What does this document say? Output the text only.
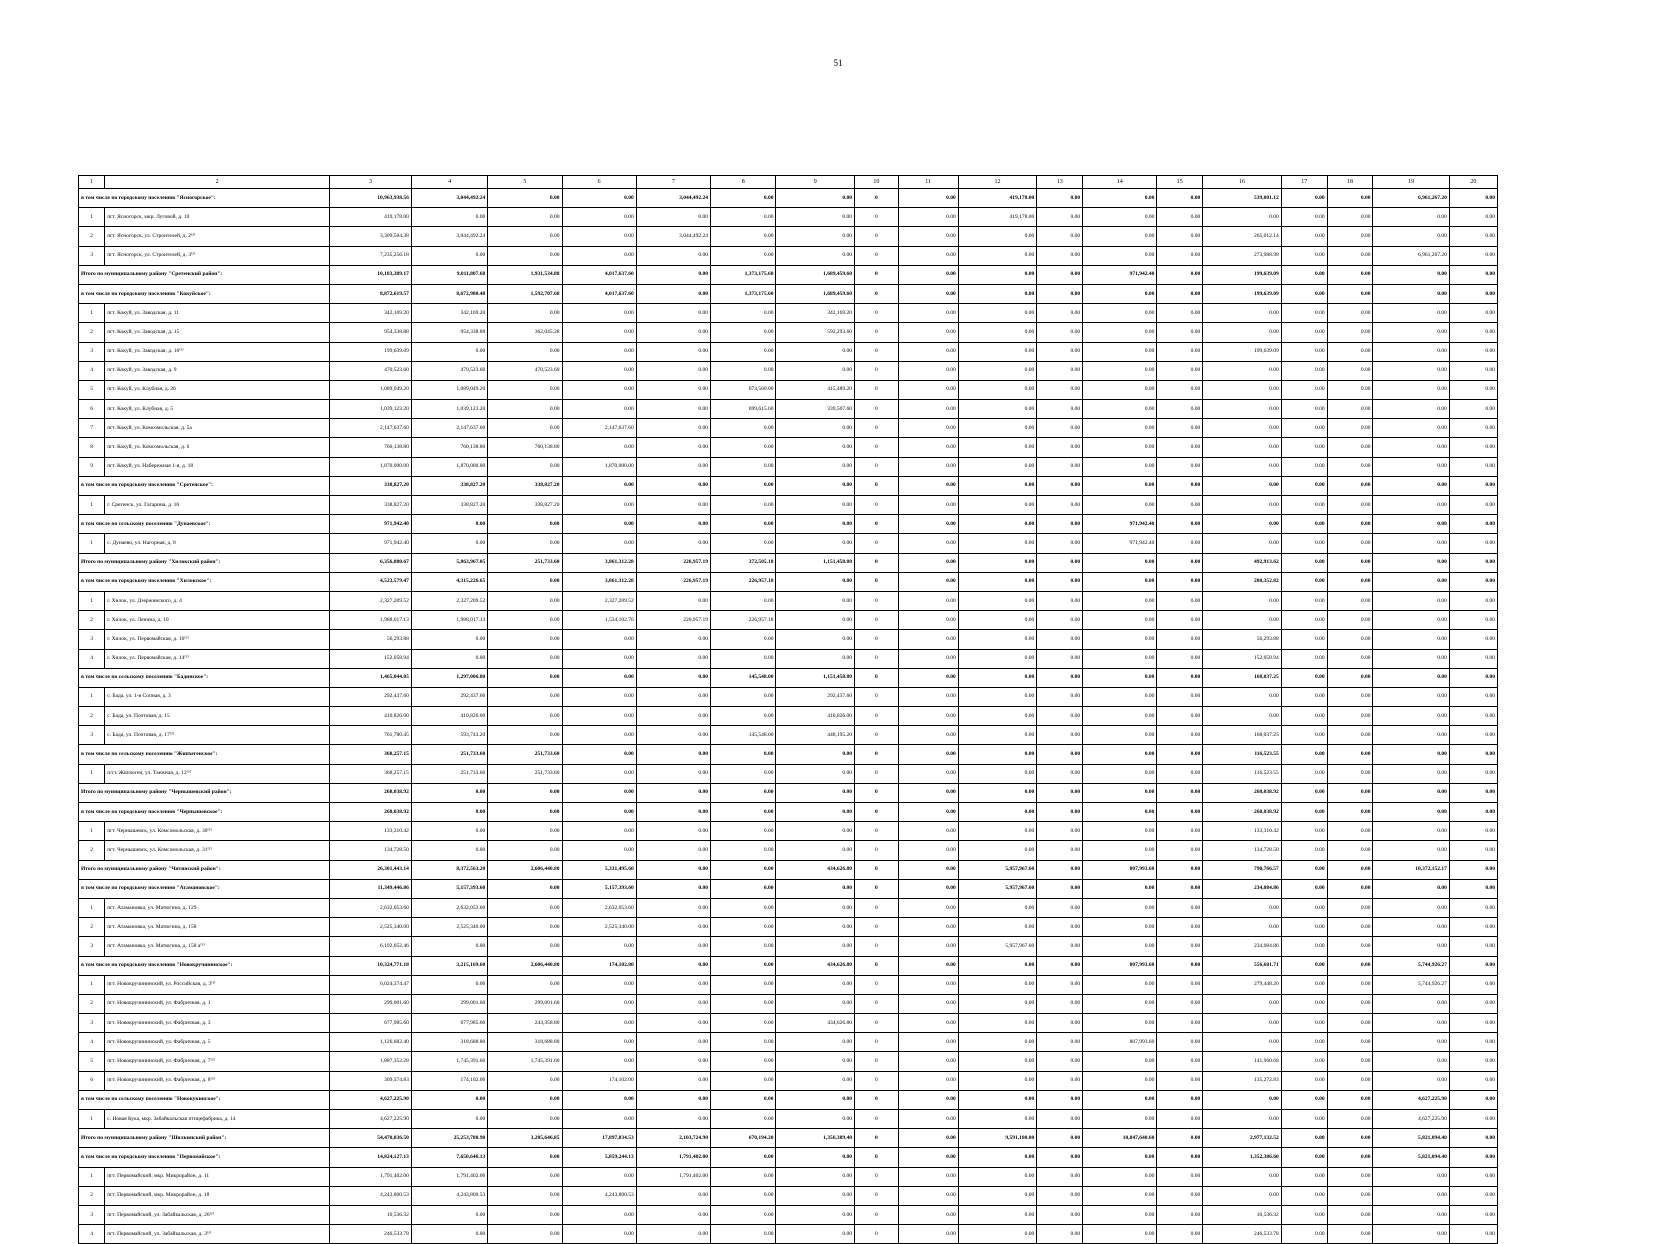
51
1	2	3	4	5	6	7	8	9	10	11	12	13	14	15	16	17	18	19	20
в том числе по городскому поселению "Ясногорское":		10,963,938.56	3,044,492.24	0.00	0.00	3,044,492.24	0.00	0.00	0	0.00	419,178.00	0.00	0.00	0.00	539,001.12	0.00	0.00	6,961,267.20	0.00
1	пгт. Ясногорск, мкр. Луговой, д. 10	419,178.00	0.00	0.00	0.00	0.00	0.00	0.00	0	0.00	419,178.00	0.00	0.00	0.00	0.00	0.00	0.00	0.00	0.00
2	пгт. Ясногорск, ул. Строителей, д. 2⁽²⁾	3,309,504.38	3,044,492.24	0.00	0.00	3,044,492.24	0.00	0.00	0	0.00	0.00	0.00	0.00	0.00	265,012.14	0.00	0.00	0.00	0.00
3	пгт. Ясногорск, ул. Строителей, д. 3⁽²⁾	7,235,256.18	0.00	0.00	0.00	0.00	0.00	0.00	0	0.00	0.00	0.00	0.00	0.00	273,988.98	0.00	0.00	6,961,267.20	0.00
Итого по муниципальному району "Сретенский район":		10,183,389.17	9,011,807.68	1,931,534.88	4,017,637.60	0.00	1,373,175.60	1,689,459.60	0	0.00	0.00	0.00	971,942.40	0.00	199,639.09	0.00	0.00	0.00	0.00
в том числе по городскому поселению "Кокуйское":		8,872,619.57	8,672,980.48	1,592,707.68	4,017,637.60	0.00	1,373,175.60	1,689,459.60	0	0.00	0.00	0.00	0.00	0.00	199,639.09	0.00	0.00	0.00	0.00
1	пгт. Кокуй, ул. Заводская, д. 11	342,169.20	342,169.20	0.00	0.00	0.00	0.00	342,169.20	0	0.00	0.00	0.00	0.00	0.00	0.00	0.00	0.00	0.00	0.00
2	пгт. Кокуй, ул. Заводская, д. 15	954,338.88	954,338.88	362,045.28	0.00	0.00	0.00	592,293.60	0	0.00	0.00	0.00	0.00	0.00	0.00	0.00	0.00	0.00	0.00
3	пгт. Кокуй, ул. Заводская, д. 16⁽²⁾	199,639.09	0.00	0.00	0.00	0.00	0.00	0.00	0	0.00	0.00	0.00	0.00	0.00	199,639.09	0.00	0.00	0.00	0.00
4	пгт. Кокуй, ул. Заводская, д. 9	470,523.60	470,523.60	470,523.60	0.00	0.00	0.00	0.00	0	0.00	0.00	0.00	0.00	0.00	0.00	0.00	0.00	0.00	0.00
5	пгт. Кокуй, ул. Клубная, д. 26	1,089,049.20	1,089,049.20	0.00	0.00	0.00	673,560.00	415,489.20	0	0.00	0.00	0.00	0.00	0.00	0.00	0.00	0.00	0.00	0.00
6	пгт. Кокуй, ул. Клубная, д. 5	1,039,123.20	1,039,123.20	0.00	0.00	0.00	699,615.60	339,507.60	0	0.00	0.00	0.00	0.00	0.00	0.00	0.00	0.00	0.00	0.00
7	пгт. Кокуй, ул. Комсомольская, д. 5а	2,147,637.60	2,147,637.60	0.00	2,147,637.60	0.00	0.00	0.00	0	0.00	0.00	0.00	0.00	0.00	0.00	0.00	0.00	0.00	0.00
8	пгт. Кокуй, ул. Комсомольская, д. 6	760,138.80	760,138.80	760,138.80	0.00	0.00	0.00	0.00	0	0.00	0.00	0.00	0.00	0.00	0.00	0.00	0.00	0.00	0.00
9	пгт. Кокуй, ул. Набережная 1-я, д. 18	1,870,000.00	1,870,000.00	0.00	1,870,000.00	0.00	0.00	0.00	0	0.00	0.00	0.00	0.00	0.00	0.00	0.00	0.00	0.00	0.00
в том числе по городскому поселению "Сретенское":		338,827.20	338,827.20	338,827.20	0.00	0.00	0.00	0.00	0	0.00	0.00	0.00	0.00	0.00	0.00	0.00	0.00	0.00	0.00
1	г. Сретенск, ул. Гагарина, д. 16	338,827.20	338,827.20	338,827.20	0.00	0.00	0.00	0.00	0	0.00	0.00	0.00	0.00	0.00	0.00	0.00	0.00	0.00	0.00
в том числе по сельскому поселению "Дунаевское":		971,942.40	0.00	0.00	0.00	0.00	0.00	0.00	0	0.00	0.00	0.00	971,942.40	0.00	0.00	0.00	0.00	0.00	0.00
1	с. Дунаево, ул. Нагорная, д. 8	971,942.40	0.00	0.00	0.00	0.00	0.00	0.00	0	0.00	0.00	0.00	971,942.40	0.00	0.00	0.00	0.00	0.00	0.00
Итого по муниципальному району "Хилокский район":		6,356,880.67	5,863,967.05	251,733.60	3,861,312.28	226,957.19	372,505.18	1,151,458.80	0	0.00	0.00	0.00	0.00	0.00	492,913.62	0.00	0.00	0.00	0.00
в том числе по городскому поселению "Хилокское":		4,523,579.47	4,315,226.65	0.00	3,861,312.28	226,957.19	226,957.18	0.00	0	0.00	0.00	0.00	0.00	0.00	208,352.82	0.00	0.00	0.00	0.00
1	г. Хилок, ул. Дзержинского, д. 4	2,327,209.52	2,327,209.52	0.00	2,327,209.52	0.00	0.00	0.00	0	0.00	0.00	0.00	0.00	0.00	0.00	0.00	0.00	0.00	0.00
2	г. Хилок, ул. Ленина, д. 10	1,988,017.13	1,988,017.13	0.00	1,534,102.76	226,957.19	226,957.18	0.00	0	0.00	0.00	0.00	0.00	0.00	0.00	0.00	0.00	0.00	0.00
3	г. Хилок, ул. Первомайская, д. 16⁽²⁾	56,293.88	0.00	0.00	0.00	0.00	0.00	0.00	0	0.00	0.00	0.00	0.00	0.00	56,293.88	0.00	0.00	0.00	0.00
4	г. Хилок, ул. Первомайская, д. 14⁽²⁾	152,058.94	0.00	0.00	0.00	0.00	0.00	0.00	0	0.00	0.00	0.00	0.00	0.00	152,058.94	0.00	0.00	0.00	0.00
в том числе по сельскому поселению "Бадинское":		1,465,044.05	1,297,006.80	0.00	0.00	0.00	145,548.00	1,151,458.80	0	0.00	0.00	0.00	0.00	0.00	168,037.25	0.00	0.00	0.00	0.00
1	с. Бада, ул. 1-я Сопная, д. 3	292,437.60	292,437.60	0.00	0.00	0.00	0.00	292,437.60	0	0.00	0.00	0.00	0.00	0.00	0.00	0.00	0.00	0.00	0.00
2	с. Бада, ул. Почтовая, д. 15	410,826.00	410,826.00	0.00	0.00	0.00	0.00	410,826.00	0	0.00	0.00	0.00	0.00	0.00	0.00	0.00	0.00	0.00	0.00
3	с. Бада, ул. Почтовая, д. 17⁽²⁾	761,780.45	593,743.20	0.00	0.00	0.00	145,548.00	448,195.20	0	0.00	0.00	0.00	0.00	0.00	168,037.25	0.00	0.00	0.00	0.00
в том числе по сельскому поселению "Жипхегенское":		368,257.15	251,733.60	251,733.60	0.00	0.00	0.00	0.00	0	0.00	0.00	0.00	0.00	0.00	116,523.55	0.00	0.00	0.00	0.00
1	п/ст. Жипхеген, ул. Таежная, д. 12⁽²⁾	368,257.15	251,733.60	251,733.60	0.00	0.00	0.00	0.00	0	0.00	0.00	0.00	0.00	0.00	116,523.55	0.00	0.00	0.00	0.00
Итого по муниципальному району "Чернышевский район":		268,038.92	0.00	0.00	0.00	0.00	0.00	0.00	0	0.00	0.00	0.00	0.00	0.00	268,038.92	0.00	0.00	0.00	0.00
в том числе по городскому поселению "Чернышевское":		268,038.92	0.00	0.00	0.00	0.00	0.00	0.00	0	0.00	0.00	0.00	0.00	0.00	268,038.92	0.00	0.00	0.00	0.00
1	пгт. Чернышевск, ул. Комсомольская, д. 30⁽²⁾	133,310.42	0.00	0.00	0.00	0.00	0.00	0.00	0	0.00	0.00	0.00	0.00	0.00	133,310.42	0.00	0.00	0.00	0.00
2	пгт. Чернышевск, ул. Комсомольская, д. 31⁽²⁾	134,728.50	0.00	0.00	0.00	0.00	0.00	0.00	0	0.00	0.00	0.00	0.00	0.00	134,728.50	0.00	0.00	0.00	0.00
Итого по муниципальному району "Читинский район":		26,301,443.14	8,372,563.20	2,606,440.80	5,331,495.60	0.00	0.00	434,626.80	0	0.00	5,957,967.60	0.00	807,993.60	0.00	790,766.57	0.00	0.00	10,372,152.17	0.00
в том числе по городскому поселению "Атамановское":		11,349,446.86	5,157,393.60	0.00	5,157,393.60	0.00	0.00	0.00	0	0.00	5,957,967.60	0.00	0.00	0.00	234,084.86	0.00	0.00	0.00	0.00
1	пгт. Атамановка, ул. Матюгина, д. 129	2,632,053.60	2,632,053.60	0.00	2,632,053.60	0.00	0.00	0.00	0	0.00	0.00	0.00	0.00	0.00	0.00	0.00	0.00	0.00	0.00
2	пгт. Атамановка, ул. Матюгина, д. 158	2,525,340.00	2,525,340.00	0.00	2,525,340.00	0.00	0.00	0.00	0	0.00	0.00	0.00	0.00	0.00	0.00	0.00	0.00	0.00	0.00
3	пгт. Атамановка, ул. Матюгина, д. 158 а⁽²⁾	6,192,052.46	0.00	0.00	0.00	0.00	0.00	0.00	0	0.00	5,957,967.60	0.00	0.00	0.00	234,084.86	0.00	0.00	0.00	0.00
в том числе по городскому поселению "Новокручининское":		10,324,771.18	3,215,169.60	2,606,440.80	174,102.80	0.00	0.00	434,626.80	0	0.00	0.00	0.00	807,993.60	0.00	556,681.71	0.00	0.00	5,744,926.27	0.00
1	пгт. Новокручининский, ул. Российская, д. 3⁽²⁾	6,024,374.47	0.00	0.00	0.00	0.00	0.00	0.00	0	0.00	0.00	0.00	0.00	0.00	279,448.20	0.00	0.00	5,744,926.27	0.00
2	пгт. Новокручининский, ул. Фабричная, д. 1	299,001.60	299,001.60	299,001.60	0.00	0.00	0.00	0.00	0	0.00	0.00	0.00	0.00	0.00	0.00	0.00	0.00	0.00	0.00
3	пгт. Новокручининский, ул. Фабричная, д. 3	677,985.60	677,985.60	243,358.80	0.00	0.00	0.00	434,626.80	0	0.00	0.00	0.00	0.00	0.00	0.00	0.00	0.00	0.00	0.00
4	пгт. Новокручининский, ул. Фабричная, д. 5	1,126,682.40	318,688.80	318,688.80	0.00	0.00	0.00	0.00	0	0.00	0.00	0.00	807,993.60	0.00	0.00	0.00	0.00	0.00	0.00
5	пгт. Новокручининский, ул. Фабричная, д. 7⁽²⁾	1,887,352.28	1,745,391.60	1,745,391.60	0.00	0.00	0.00	0.00	0	0.00	0.00	0.00	0.00	0.00	141,960.68	0.00	0.00	0.00	0.00
6	пгт. Новокручининский, ул. Фабричная, д. 8⁽²⁾	309,374.83	174,102.00	0.00	174,102.00	0.00	0.00	0.00	0	0.00	0.00	0.00	0.00	0.00	135,272.83	0.00	0.00	0.00	0.00
в том числе по сельскому поселению "Новокукинское":		4,627,225.90	0.00	0.00	0.00	0.00	0.00	0.00	0	0.00	0.00	0.00	0.00	0.00	0.00	0.00	0.00	4,627,225.90	0.00
1	с. Новая Кука, мкр. Забайкальская птицефабрика, д. 14	4,627,225.90	0.00	0.00	0.00	0.00	0.00	0.00	0	0.00	0.00	0.00	0.00	0.00	0.00	0.00	0.00	4,627,225.90	0.00
Итого по муниципальному району "Шилкинский район":		54,470,836.50	25,253,788.98	3,205,646.85	17,897,834.53	2,103,724.90	670,194.20	1,356,389.40	0	0.00	9,591,180.00	0.00	10,847,640.60	0.00	2,977,132.52	0.00	0.00	5,821,094.40	0.00
в том числе по городскому поселению "Первомайское":		14,824,127.13	7,650,646.13	0.00	5,859,244.13	1,791,402.00	0.00	0.00	0	0.00	0.00	0.00	0.00	0.00	1,352,386.60	0.00	0.00	5,821,094.40	0.00
1	пгт. Первомайский, мкр. Микрорайон, д. 11	1,791,402.00	1,791,402.00	0.00	0.00	1,791,402.00	0.00	0.00	0	0.00	0.00	0.00	0.00	0.00	0.00	0.00	0.00	0.00	0.00
2	пгт. Первомайский, мкр. Микрорайон, д. 18	4,243,800.53	4,243,800.53	0.00	4,243,800.53	0.00	0.00	0.00	0	0.00	0.00	0.00	0.00	0.00	0.00	0.00	0.00	0.00	0.00
3	пгт. Первомайский, ул. Забайкальская, д. 26⁽²⁾	10,536.32	0.00	0.00	0.00	0.00	0.00	0.00	0	0.00	0.00	0.00	0.00	0.00	10,536.32	0.00	0.00	0.00	0.00
4	пгт. Первомайский, ул. Забайкальская, д. 3⁽²⁾	246,533.78	0.00	0.00	0.00	0.00	0.00	0.00	0	0.00	0.00	0.00	0.00	0.00	246,533.78	0.00	0.00	0.00	0.00
